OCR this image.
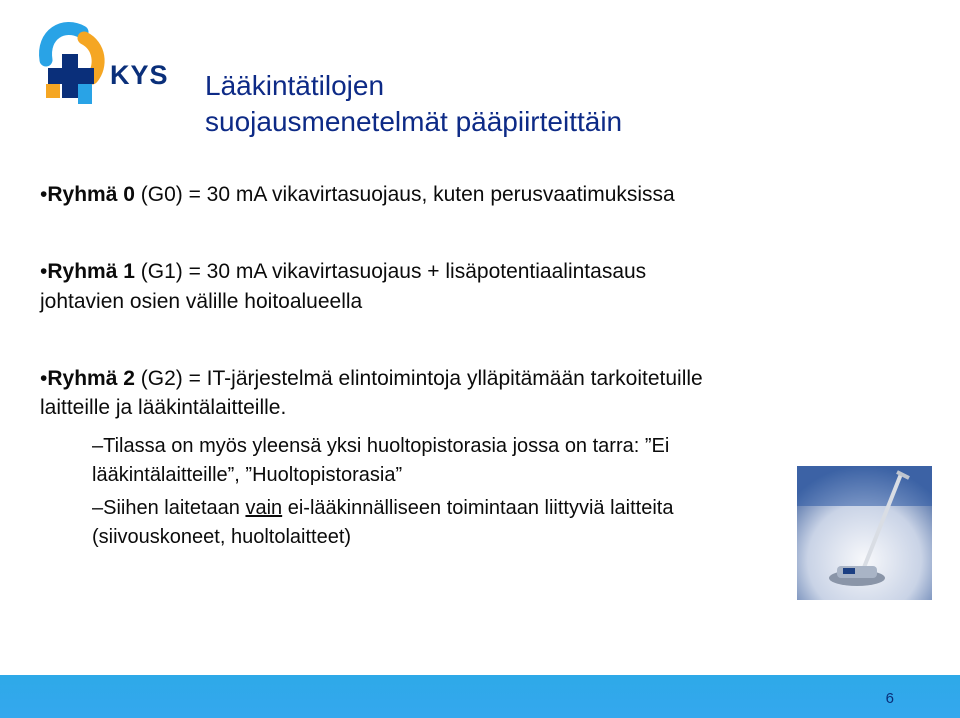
KYS Lääkintätilojen
suojausmenetelmät pääpiirteittäin
•Ryhmä 0 (G0) = 30 mA vikavirtasuojaus, kuten perusvaatimuksissa
•Ryhmä 1 (G1) = 30 mA vikavirtasuojaus + lisäpotentiaalintasaus
johtavien osien välille hoitoalueella
•Ryhmä 2 (G2) = IT-järjestelmä elintoimintoja ylläpitämään tarkoitetuille
laitteille ja lääkintälaitteille.
–Tilassa on myös yleensä yksi huoltopistorasia jossa on tarra: ”Ei
lääkintälaitteille”, ”Huoltopistorasia”
–Siihen laitetaan vain ei-lääkinnälliseen toimintaan liittyviä laitteita
(siivouskoneet, huoltolaitteet)
6
